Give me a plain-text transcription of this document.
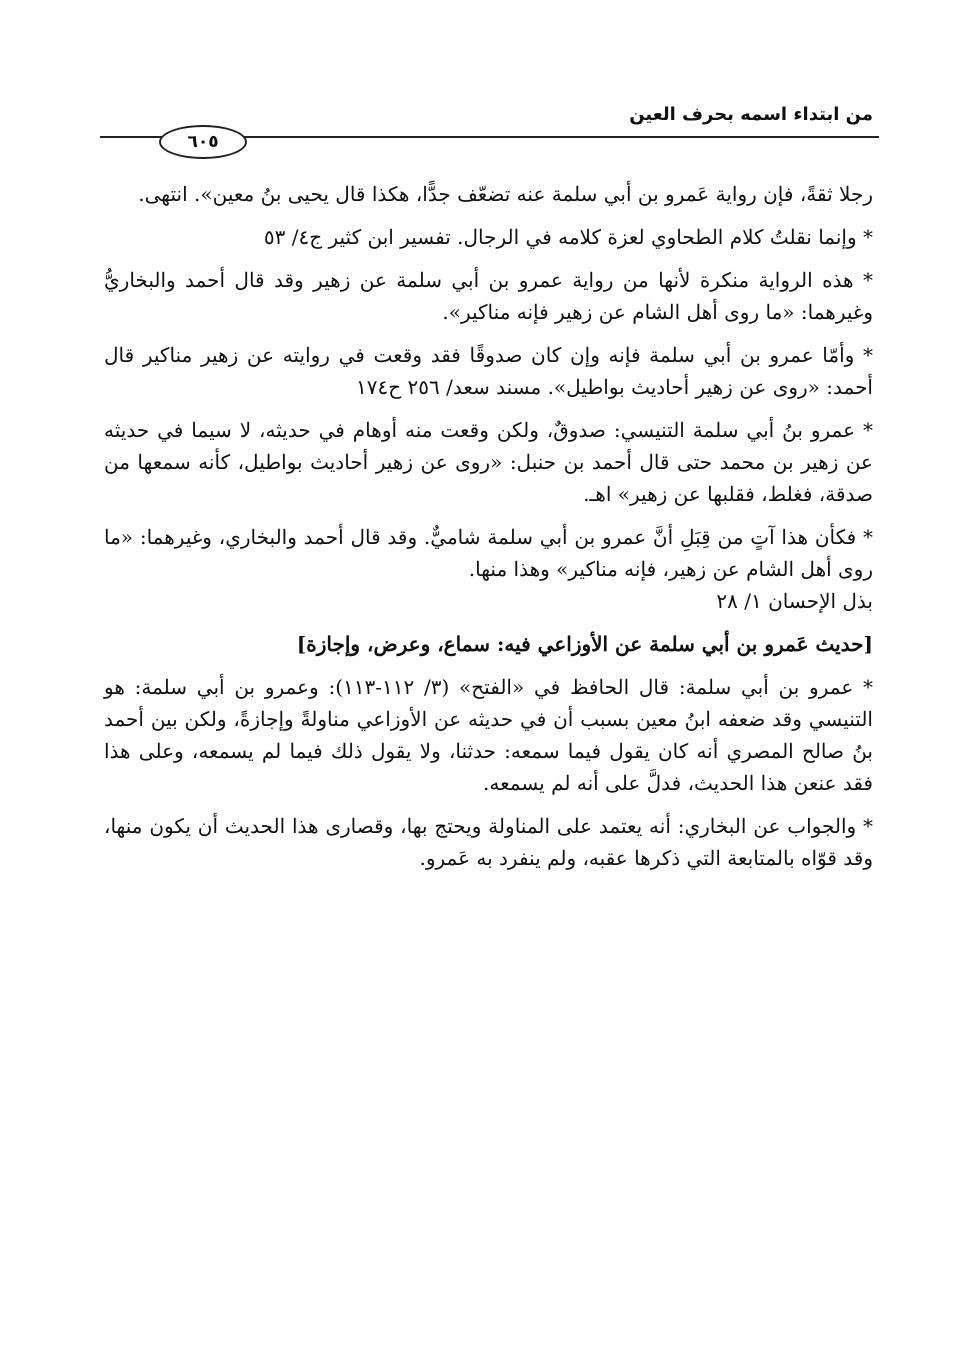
من ابتداء اسمه بحرف العين
٦٠٥

رجلا ثقةً، فإن رواية عَمرو بن أبي سلمة عنه تضعّف جدًّا، هكذا قال يحيى بنُ معين». انتهى.

* وإنما نقلتُ كلام الطحاوي لعزة كلامه في الرجال. تفسير ابن كثير ج٤/ ٥٣

* هذه الرواية منكرة لأنها من رواية عمرو بن أبي سلمة عن زهير وقد قال أحمد والبخاريُّ وغيرهما: «ما روى أهل الشام عن زهير فإنه مناكير».

* وأمّا عمرو بن أبي سلمة فإنه وإن كان صدوقًا فقد وقعت في روايته عن زهير مناكير قال أحمد: «روى عن زهير أحاديث بواطيل». مسند سعد/ ٢٥٦ ح١٧٤

* عمرو بنُ أبي سلمة التنيسي: صدوقٌ، ولكن وقعت منه أوهام في حديثه، لا سيما في حديثه عن زهير بن محمد حتى قال أحمد بن حنبل: «روى عن زهير أحاديث بواطيل، كأنه سمعها من صدقة، فغلط، فقلبها عن زهير» اهـ.

* فكأن هذا آتٍ من قِبَلِ أنَّ عمرو بن أبي سلمة شاميٌّ. وقد قال أحمد والبخاري، وغيرهما: «ما روى أهل الشام عن زهير، فإنه مناكير» وهذا منها.
بذل الإحسان ١/ ٢٨

[حديث عَمرو بن أبي سلمة عن الأوزاعي فيه: سماع، وعرض، وإجازة]

* عمرو بن أبي سلمة: قال الحافظ في «الفتح» (٣/ ١١٢-١١٣): وعمرو بن أبي سلمة: هو التنيسي وقد ضعفه ابنُ معين بسبب أن في حديثه عن الأوزاعي مناولةً وإجازةً، ولكن بين أحمد بنُ صالح المصري أنه كان يقول فيما سمعه: حدثنا، ولا يقول ذلك فيما لم يسمعه، وعلى هذا فقد عنعن هذا الحديث، فدلَّ على أنه لم يسمعه.

* والجواب عن البخاري: أنه يعتمد على المناولة ويحتج بها، وقصارى هذا الحديث أن يكون منها، وقد قوّاه بالمتابعة التي ذكرها عقبه، ولم ينفرد به عَمرو.
